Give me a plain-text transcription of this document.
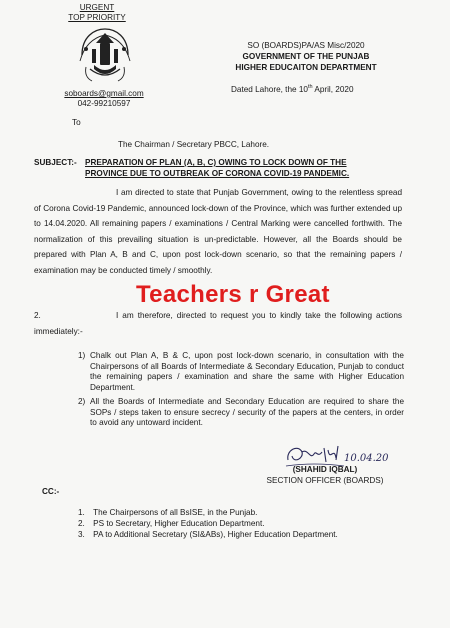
URGENT
TOP PRIORITY
soboards@gmail.com
042-99210597
SO (BOARDS)PA/AS Misc/2020
GOVERNMENT OF THE PUNJAB
HIGHER EDUCAITON DEPARTMENT
Dated Lahore, the 10th April, 2020
To
The Chairman / Secretary PBCC, Lahore.
SUBJECT:- PREPARATION OF PLAN (A, B, C) OWING TO LOCK DOWN OF THE
PROVINCE DUE TO OUTBREAK OF CORONA COVID-19 PANDEMIC.
I am directed to state that Punjab Government, owing to the relentless spread of Corona Covid-19 Pandemic, announced lock-down of the Province, which was further extended up to 14.04.2020. All remaining papers / examinations / Central Marking were cancelled forthwith. The normalization of this prevailing situation is un-predictable. However, all the Boards should be prepared with Plan A, B and C, upon post lock-down scenario, so that the remaining papers / examination may be conducted timely / smoothly.
Teachers r Great
2.	I am therefore, directed to request you to kindly take the following actions immediately:-
1) Chalk out Plan A, B & C, upon post lock-down scenario, in consultation with the Chairpersons of all Boards of Intermediate & Secondary Education, Punjab to conduct the remaining papers / examination and share the same with Higher Education Department.
2) All the Boards of Intermediate and Secondary Education are required to share the SOPs / steps taken to ensure secrecy / security of the papers at the centers, in order to avoid any untoward incident.
10.04.20
(SHAHID IQBAL)
SECTION OFFICER (BOARDS)
CC:-
1. The Chairpersons of all BsISE, in the Punjab.
2. PS to Secretary, Higher Education Department.
3. PA to Additional Secretary (SI&ABs), Higher Education Department.
